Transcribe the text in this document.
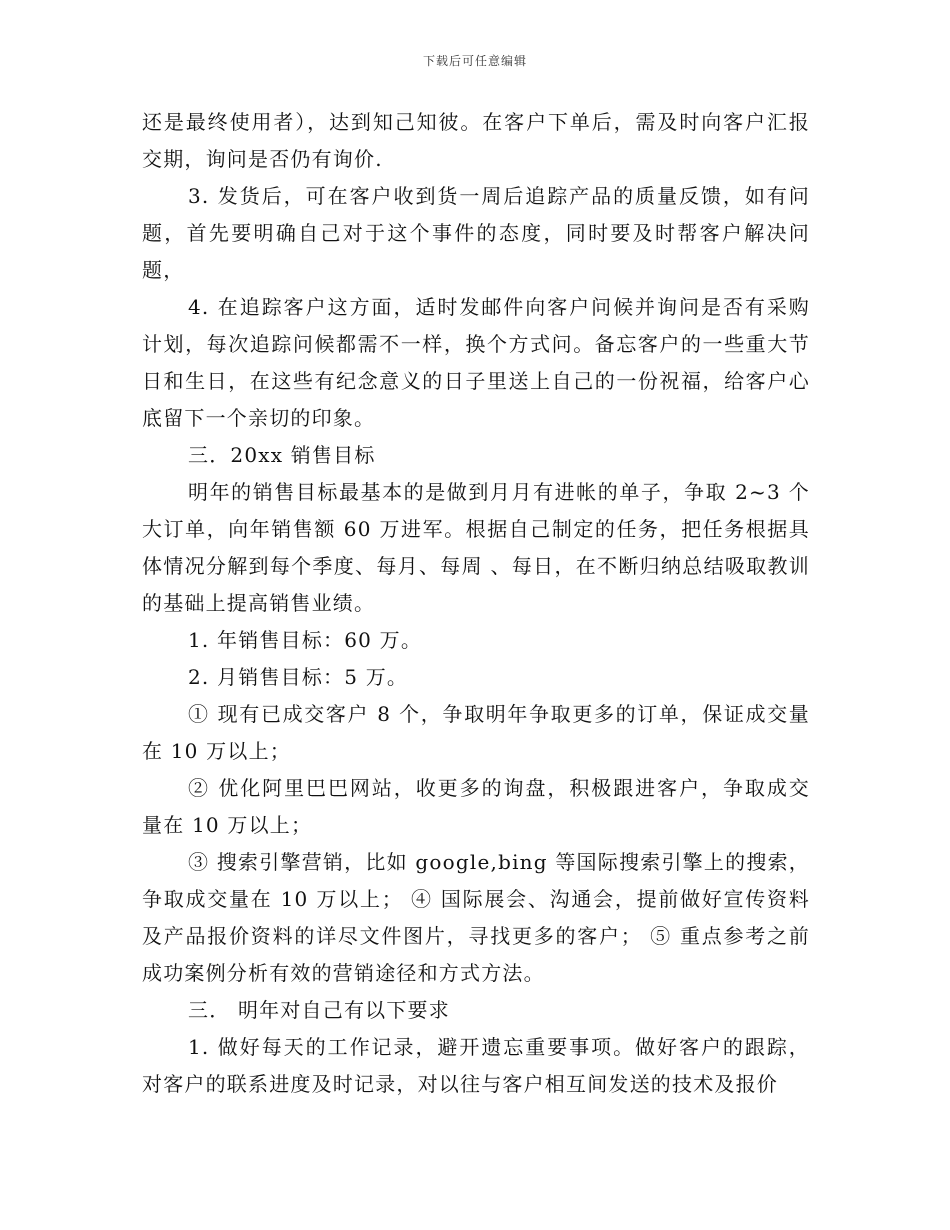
下载后可任意编辑

还是最终使用者），达到知己知彼。在客户下单后，需及时向客户汇报交期，询问是否仍有询价.

3. 发货后，可在客户收到货一周后追踪产品的质量反馈，如有问题，首先要明确自己对于这个事件的态度，同时要及时帮客户解决问题，

4. 在追踪客户这方面，适时发邮件向客户问候并询问是否有采购计划，每次追踪问候都需不一样，换个方式问。备忘客户的一些重大节日和生日，在这些有纪念意义的日子里送上自己的一份祝福，给客户心底留下一个亲切的印象。

三．20xx 销售目标

明年的销售目标最基本的是做到月月有进帐的单子，争取 2~3 个大订单，向年销售额 60 万进军。根据自己制定的任务，把任务根据具体情况分解到每个季度、每月、每周 、每日，在不断归纳总结吸取教训的基础上提高销售业绩。

1. 年销售目标：60 万。

2. 月销售目标：5 万。

① 现有已成交客户 8 个，争取明年争取更多的订单，保证成交量在 10 万以上；

② 优化阿里巴巴网站，收更多的询盘，积极跟进客户，争取成交量在 10 万以上；

③ 搜索引擎营销，比如 google,bing 等国际搜索引擎上的搜索，争取成交量在 10 万以上； ④ 国际展会、沟通会，提前做好宣传资料及产品报价资料的详尽文件图片，寻找更多的客户； ⑤ 重点参考之前成功案例分析有效的营销途径和方式方法。

三． 明年对自己有以下要求

1. 做好每天的工作记录，避开遗忘重要事项。做好客户的跟踪，对客户的联系进度及时记录，对以往与客户相互间发送的技术及报价
